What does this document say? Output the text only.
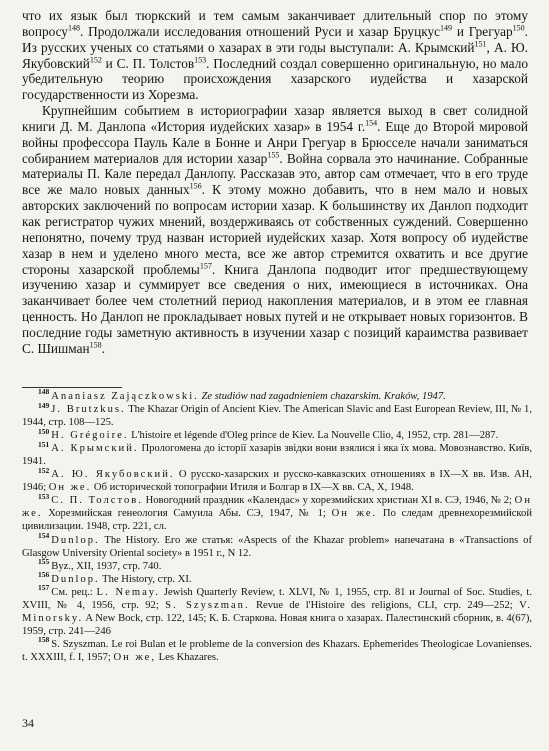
что их язык был тюркский и тем самым заканчивает длительный спор по этому вопросу$^{148}$. Продолжали исследования отношений Руси и хазар Бруцкус$^{149}$ и Грегуар$^{150}$. Из русских ученых со статьями о хазарах в эти годы выступали: А. Крымский$^{151}$, А. Ю. Якубовский$^{152}$ и С. П. Толстов$^{153}$. Последний создал совершенно оригинальную, но мало убедительную теорию происхождения хазарского иудейства и хазарской государственности из Хорезма.

Крупнейшим событием в историографии хазар является выход в свет солидной книги Д. М. Данлопа «История иудейских хазар» в 1954 г.$^{154}$. Еще до Второй мировой войны профессора Пауль Кале в Бонне и Анри Грегуар в Брюсселе начали заниматься собиранием материалов для истории хазар$^{155}$. Война сорвала это начинание. Собранные материалы П. Кале передал Данлопу. Рассказав это, автор сам отмечает, что в его труде все же мало новых данных$^{156}$. К этому можно добавить, что в нем мало и новых авторских заключений по вопросам истории хазар. К большинству их Данлоп подходит как регистратор чужих мнений, воздерживаясь от собственных суждений. Совершенно непонятно, почему труд назван историей иудейских хазар. Хотя вопросу об иудействе хазар в нем и уделено много места, все же автор стремится охватить и все другие стороны хазарской проблемы$^{157}$. Книга Данлопа подводит итог предшествующему изучению хазар и суммирует все сведения о них, имеющиеся в источниках. Она заканчивает более чем столетний период накопления материалов, и в этом ее главная ценность. Но Данлоп не прокладывает новых путей и не открывает новых горизонтов. В последние годы заметную активность в изучении хазар с позиций караимства развивает С. Шишман$^{158}$.

$^{148}$ Ananiasz Zajączkowski. Ze studiów nad zagadnieniem chazarskim. Kraków, 1947.

$^{149}$ J. Brutzkus. The Khazar Origin of Ancient Kiev. The American Slavic and East European Review, III, № 1, 1944, стр. 108—125.

$^{150}$ H. Grégoire. L'histoire et légende d'Oleg prince de Kiev. La Nouvelle Clio, 4, 1952, стр. 281—287.

$^{151}$ А. Крымский. Прологомена до історії хазарів звідки вони взялися і яка їх мова. Мовознавство. Київ, 1941.

$^{152}$ А. Ю. Якубовский. О русско-хазарских и русско-кавказских отношениях в IX—X вв. Изв. АН, 1946; Он же. Об исторической топографии Итиля и Болгар в IX—X вв. СА, X, 1948.

$^{153}$ С. П. Толстов. Новогодний праздник «Календас» у хорезмийских христиан XI в. СЭ, 1946, № 2; Он же. Хорезмийская генеология Самуила Абы. СЭ, 1947, № 1; Он же. По следам древнехорезмийской цивилизации. 1948, стр. 221, сл.

$^{154}$ Dunlop. The History. Его же статья: «Aspects of the Khazar problem» напечатана в «Transactions of Glasgow University Oriental society» в 1951 г., N 12.

$^{155}$ Byz., XII, 1937, стр. 740.

$^{156}$ Dunlop. The History, стр. XI.

$^{157}$ См. рец.: L. Nemay. Jewish Quarterly Review, t. XLVI, № 1, 1955, стр. 81 и Journal of Soc. Studies, t. XVIII, № 4, 1956, стр. 92; S. Szyszman. Revue de l'Histoire des religions, CLI, стр. 249—252; V. Minorsky. A New Bock, стр. 122, 145; К. Б. Старкова. Новая книга о хазарах. Палестинский сборник, в. 4(67), 1959, стр. 241—246

$^{158}$ S. Szyszman. Le roi Bulan et le probleme de la conversion des Khazars. Ephemerides Theologicae Lovanienses. t. XXXIII, f. I, 1957; Он же, Les Khazares.

34
